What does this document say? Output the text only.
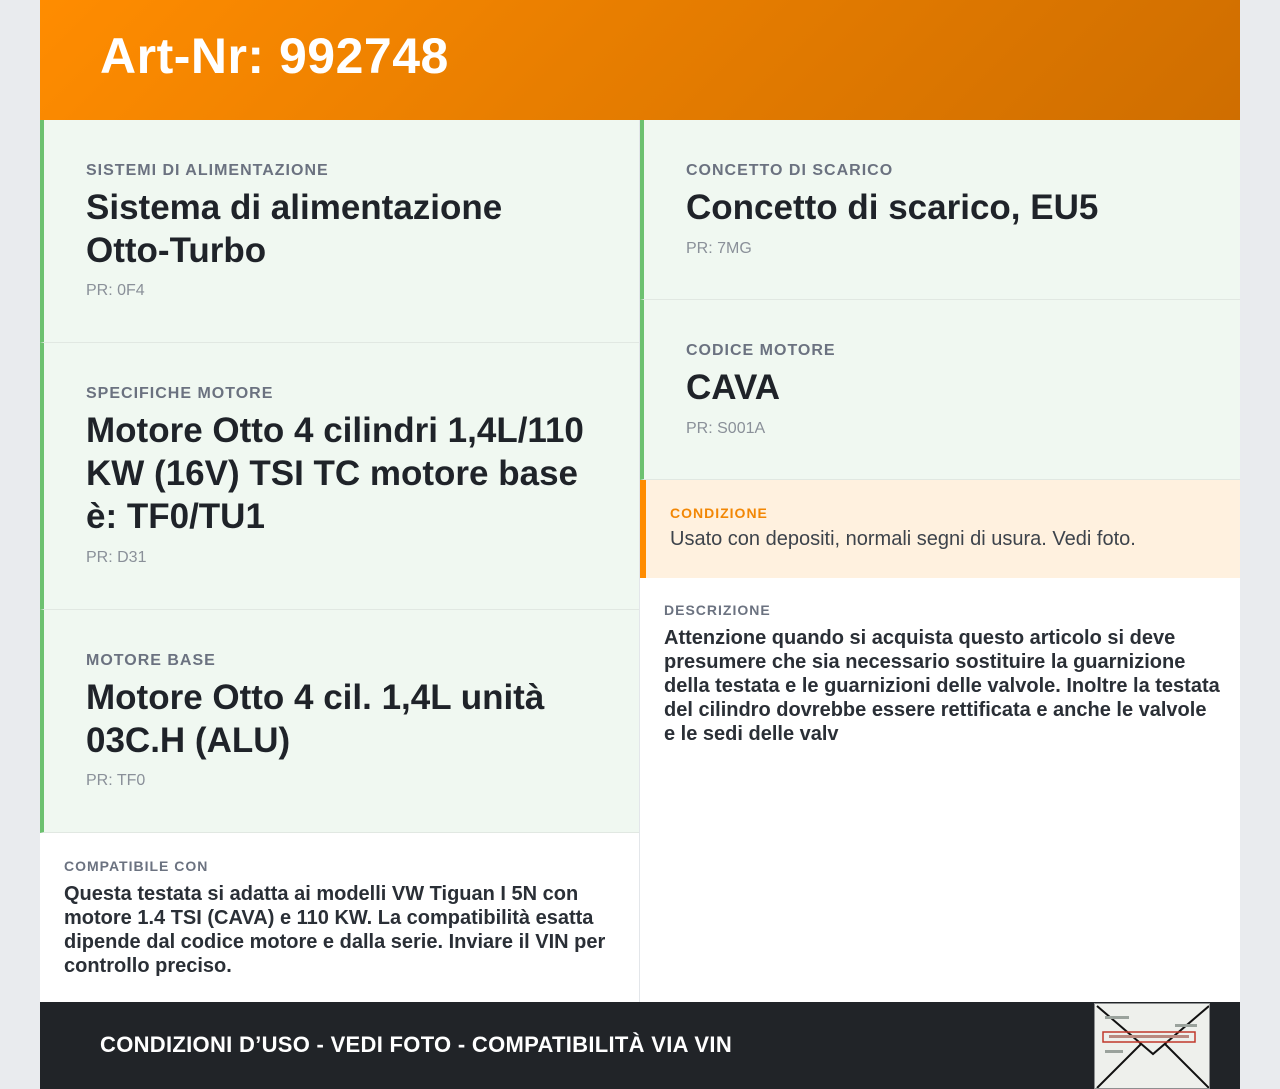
Art-Nr: 992748
SISTEMI DI ALIMENTAZIONE
Sistema di alimentazione Otto-Turbo
PR: 0F4
SPECIFICHE MOTORE
Motore Otto 4 cilindri 1,4L/110 KW (16V) TSI TC motore base è: TF0/TU1
PR: D31
MOTORE BASE
Motore Otto 4 cil. 1,4L unità 03C.H (ALU)
PR: TF0
COMPATIBILE CON
Questa testata si adatta ai modelli VW Tiguan I 5N con motore 1.4 TSI (CAVA) e 110 KW. La compatibilità esatta dipende dal codice motore e dalla serie. Inviare il VIN per controllo preciso.
CONCETTO DI SCARICO
Concetto di scarico, EU5
PR: 7MG
CODICE MOTORE
CAVA
PR: S001A
CONDIZIONE
Usato con depositi, normali segni di usura. Vedi foto.
DESCRIZIONE
Attenzione quando si acquista questo articolo si deve presumere che sia necessario sostituire la guarnizione della testata e le guarnizioni delle valvole. Inoltre la testata del cilindro dovrebbe essere rettificata e anche le valvole e le sedi delle valv
CONDIZIONI D’USO - VEDI FOTO - COMPATIBILITÀ VIA VIN
